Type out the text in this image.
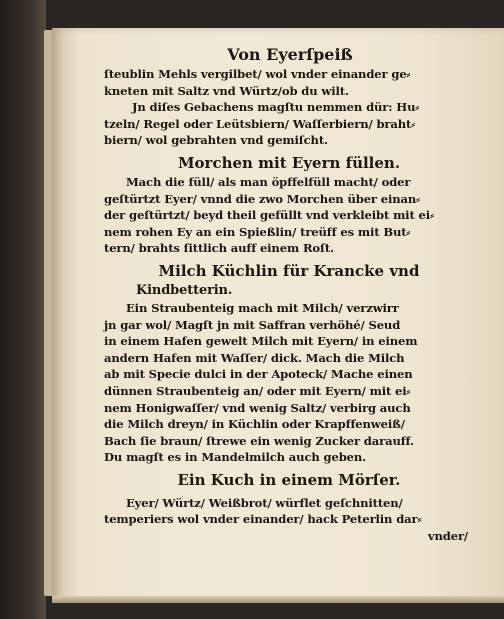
Von Eyerſpeiß
ſteublin Mehls vergilbet/ wol vnder einander ge⸗
kneten mit Saltz vnd Würtz/ob du wilt.
Jn diſes Gebachens magſtu nemmen dür: Hu⸗
tzeln/ Regel oder Leütsbiern/ Waſſerbiern/ braht⸗
biern/ wol gebrahten vnd gemiſcht.
Morchen mit Eyern füllen.
Mach die füll/ als man öpffelfüll macht/ oder
geſtürtzt Eyer/ vnnd die zwo Morchen über einan⸗
der geſtürtzt/ beyd theil gefüllt vnd verkleibt mit ei⸗
nem rohen Ey an ein Spießlin/ treüff es mit But⸗
tern/ brahts ſittlich auff einem Roſt.
Milch Küchlin für Krancke vnd
Kindbetterin.
Ein Straubenteig mach mit Milch/ verzwirr
jn gar wol/ Magſt jn mit Saffran verhöhé/ Seud
in einem Hafen gewelt Milch mit Eyern/ in einem
andern Hafen mit Waſſer/ dick. Mach die Milch
ab mit Specie dulci in der Apoteck/ Mache einen
dünnen Straubenteig an/ oder mit Eyern/ mit ei⸗
nem Honigwaſſer/ vnd wenig Saltz/ verbirg auch
die Milch dreyn/ in Küchlin oder Krapffenweiß/
Bach ſie braun/ ſtrewe ein wenig Zucker darauff.
Du magſt es in Mandelmilch auch geben.
Ein Kuch in einem Mörſer.
Eyer/ Würtz/ Weißbrot/ würflet geſchnitten/
temperiers wol vnder einander/ hack Peterlin dar⸗
vnder/
